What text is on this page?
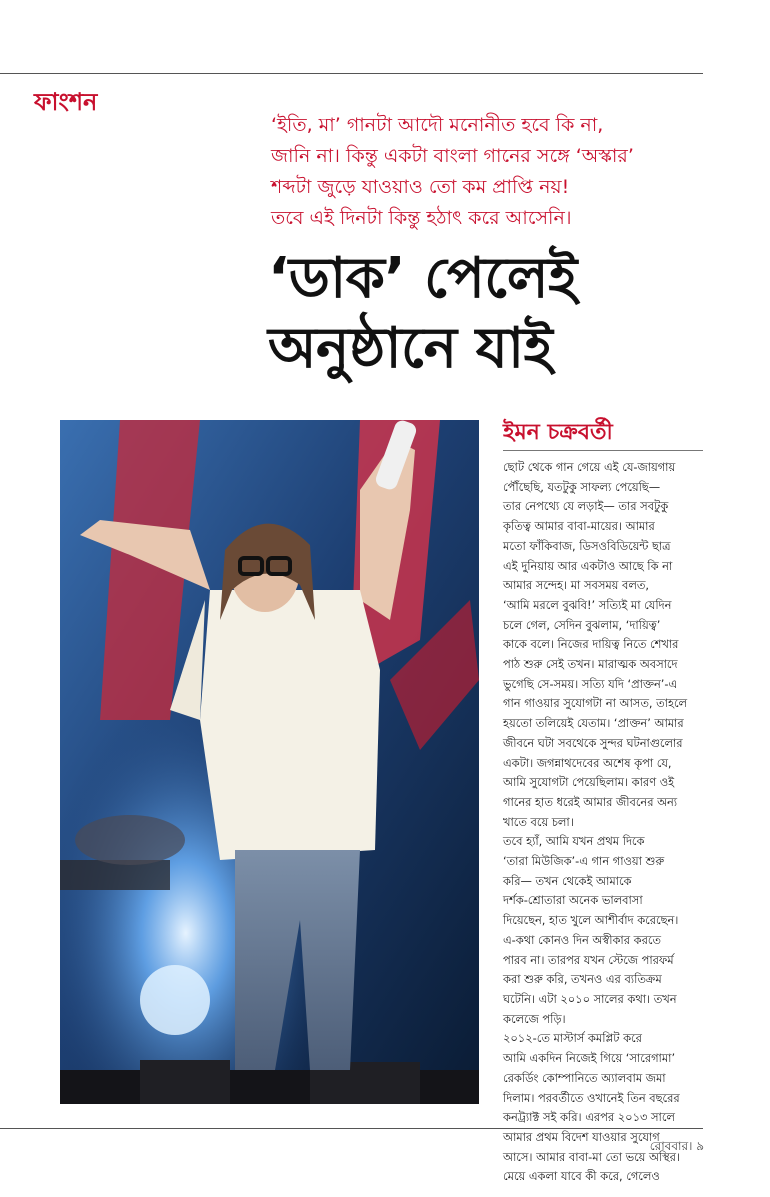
ফাংশন

‘ইতি, মা’ গানটা আদৌ মনোনীত হবে কি না,
জানি না। কিন্তু একটা বাংলা গানের সঙ্গে ‘অস্কার’
শব্দটা জুড়ে যাওয়াও তো কম প্রাপ্তি নয়!
তবে এই দিনটা কিন্তু হঠাৎ করে আসেনি।

‘ডাক’ পেলেই
অনুষ্ঠানে যাই
ইমন চক্রবর্তী
ছোট থেকে গান গেয়ে এই যে-জায়গায়
পৌঁছেছি, যতটুকু সাফল্য পেয়েছি—
তার নেপথ্যে যে লড়াই— তার সবটুকু
কৃতিত্ব আমার বাবা-মায়ের। আমার
মতো ফাঁকিবাজ, ডিসওবিডিয়েন্ট ছাত্র
এই দুনিয়ায় আর একটাও আছে কি না
আমার সন্দেহ। মা সবসময় বলত,
‘আমি মরলে বুঝবি!’ সত্যিই মা যেদিন
চলে গেল, সেদিন বুঝলাম, ‘দায়িত্ব’
কাকে বলে। নিজের দায়িত্ব নিতে শেখার
পাঠ শুরু সেই তখন। মারাত্মক অবসাদে
ভুগেছি সে-সময়। সত্যি যদি ‘প্রাক্তন’-এ
গান গাওয়ার সুযোগটা না আসত, তাহলে
হয়তো তলিয়েই যেতাম। ‘প্রাক্তন’ আমার
জীবনে ঘটা সবথেকে সুন্দর ঘটনাগুলোর
একটা। জগন্নাথদেবের অশেষ কৃপা যে,
আমি সুযোগটা পেয়েছিলাম। কারণ ওই
গানের হাত ধরেই আমার জীবনের অন্য
খাতে বয়ে চলা।
তবে হ্যাঁ, আমি যখন প্রথম দিকে
‘তারা মিউজিক’-এ গান গাওয়া শুরু
করি— তখন থেকেই আমাকে
দর্শক-শ্রোতারা অনেক ভালবাসা
দিয়েছেন, হাত খুলে আশীর্বাদ করেছেন।
এ-কথা কোনও দিন অস্বীকার করতে
পারব না। তারপর যখন স্টেজে পারফর্ম
করা শুরু করি, তখনও এর ব্যতিক্রম
ঘটেনি। এটা ২০১০ সালের কথা। তখন
কলেজে পড়ি।
২০১২-তে মাস্টার্স কমপ্লিট করে
আমি একদিন নিজেই গিয়ে ‘সারেগামা’
রেকর্ডিং কোম্পানিতে অ্যালবাম জমা
দিলাম। পরবর্তীতে ওখানেই তিন বছরের
কনট্র্যাক্ট সই করি। এরপর ২০১৩ সালে
আমার প্রথম বিদেশ যাওয়ার সুযোগ
আসে। আমার বাবা-মা তো ভয়ে অস্থির।
মেয়ে একলা যাবে কী করে, গেলেও

রোববার। ৯
